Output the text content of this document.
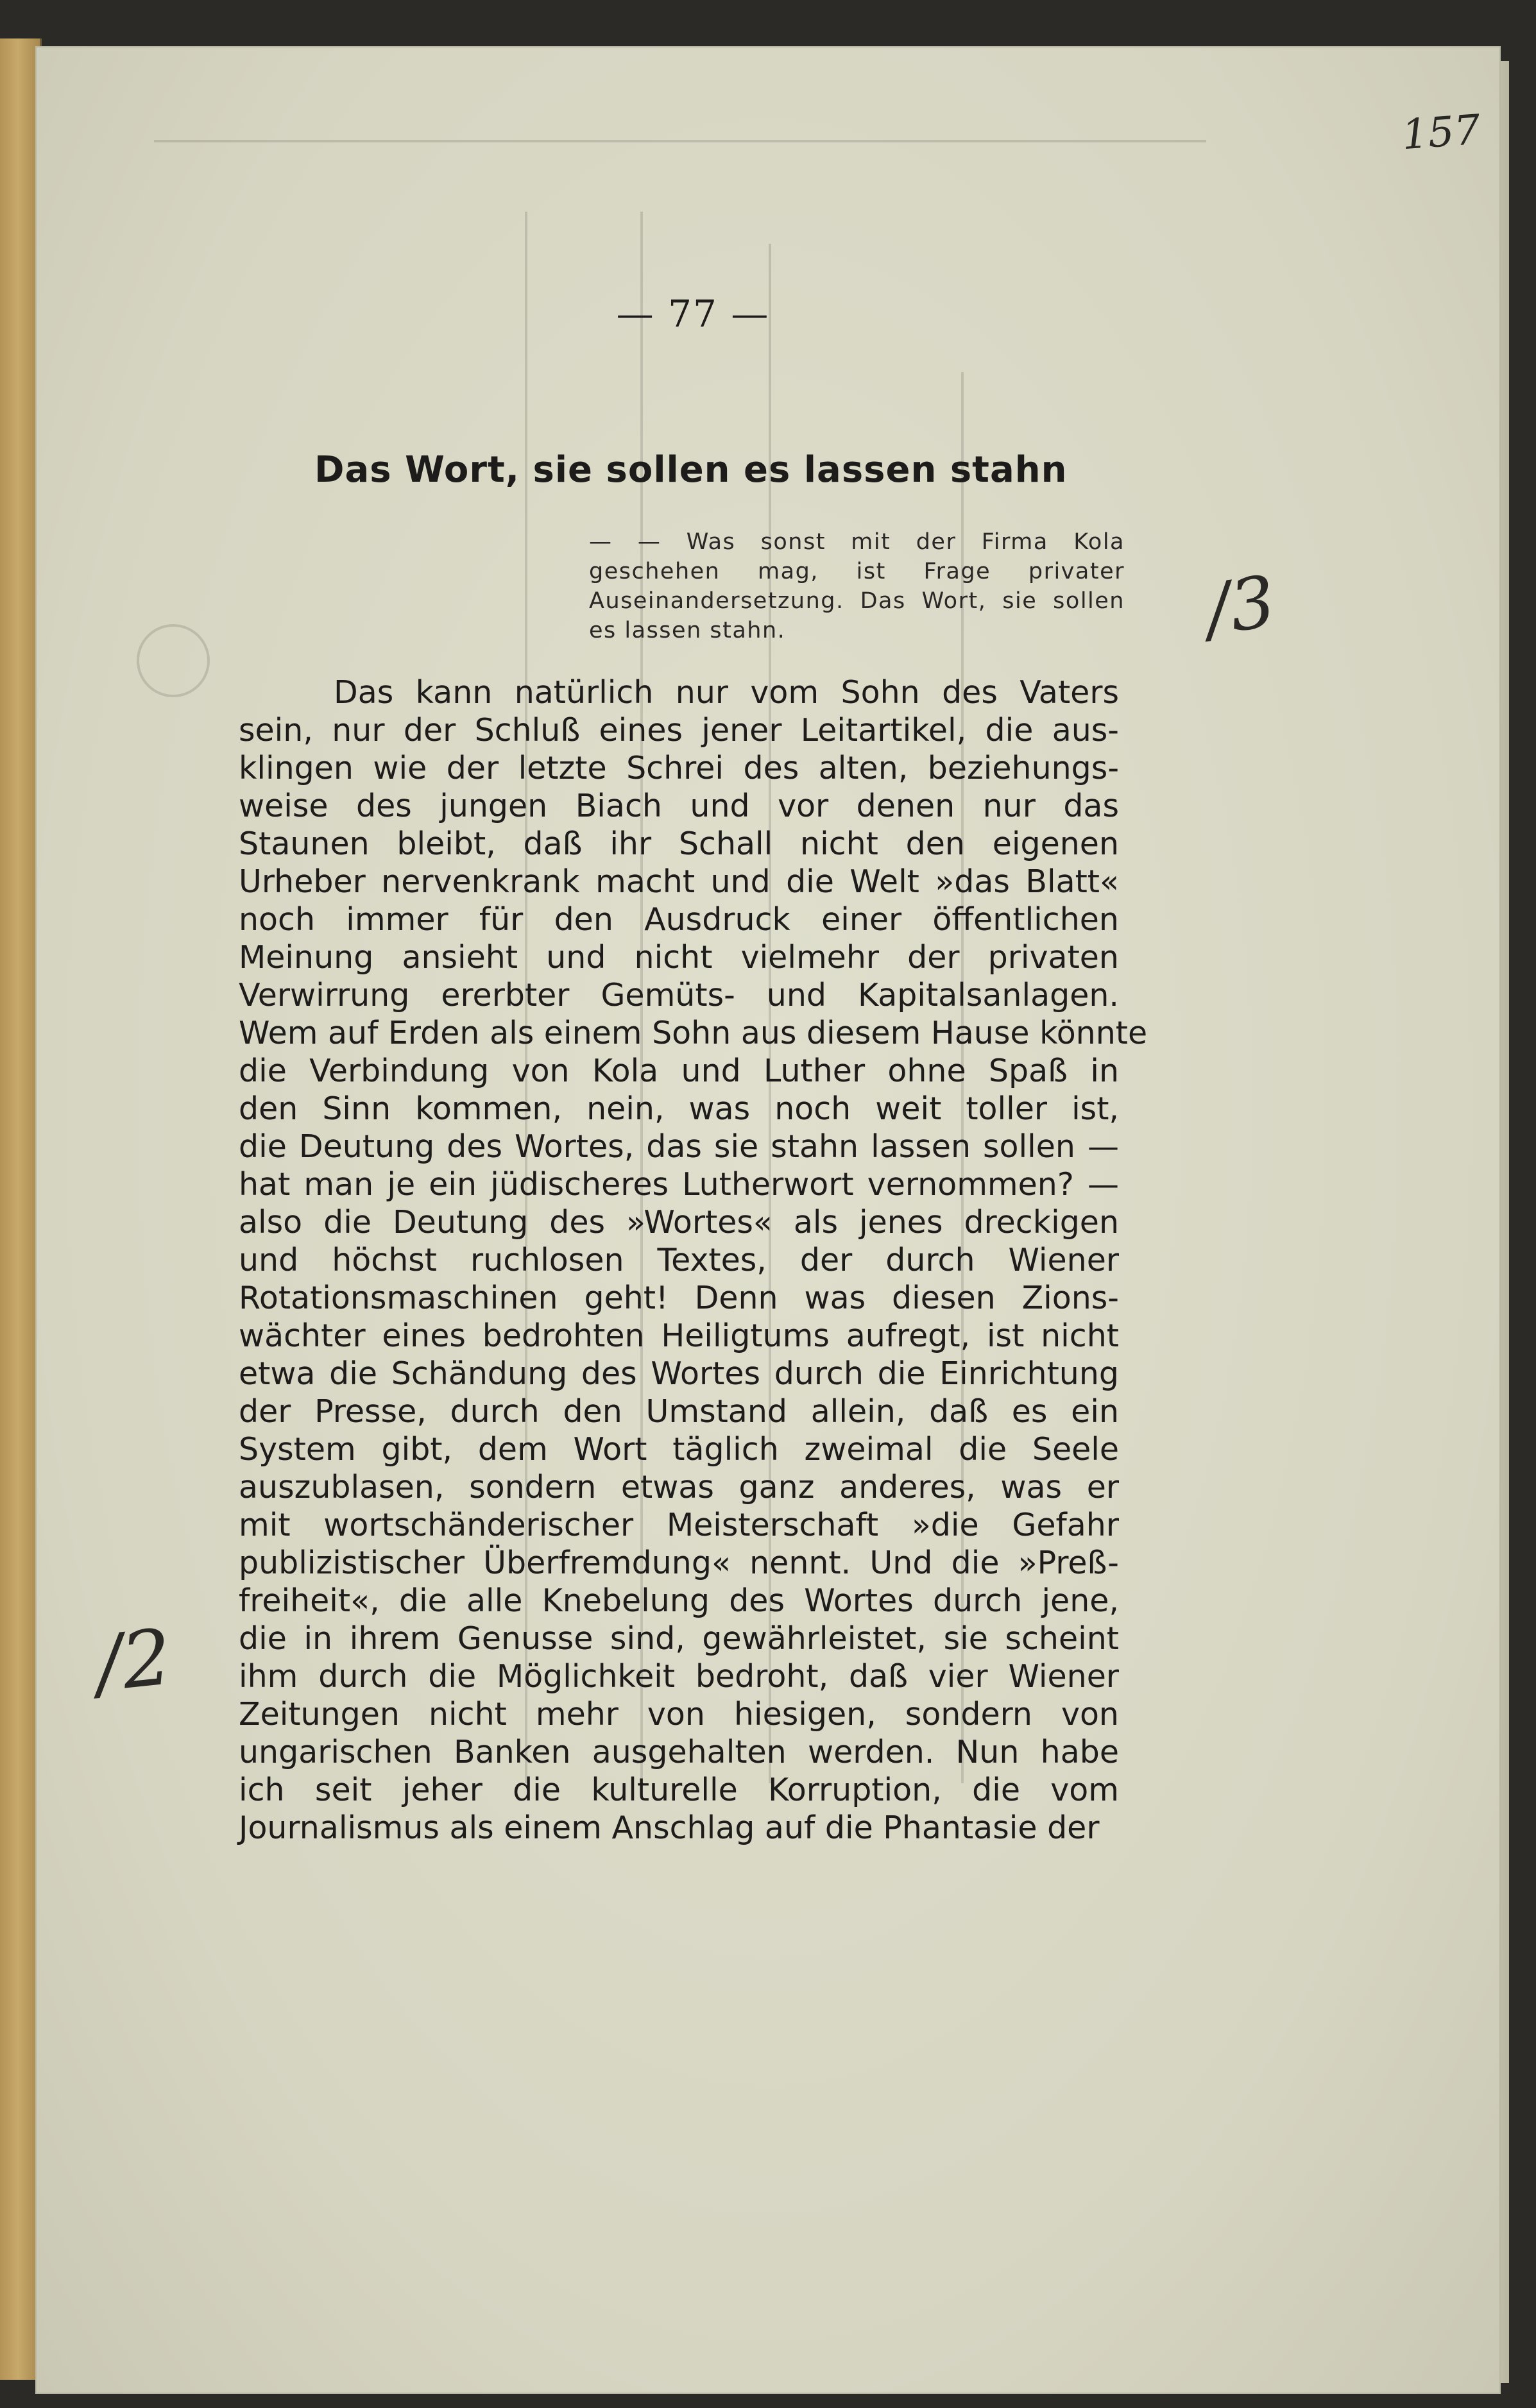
157
— 77 —
Das Wort, sie sollen es lassen stahn
— — Was sonst mit der Firma Kola geschehen mag, ist Frage privater Auseinandersetzung. Das Wort, sie sollen es lassen stahn.
Das kann natürlich nur vom Sohn des Vaters
sein, nur der Schluß eines jener Leitartikel, die aus-
klingen wie der letzte Schrei des alten, beziehungs-
weise des jungen Biach und vor denen nur das
Staunen bleibt, daß ihr Schall nicht den eigenen
Urheber nervenkrank macht und die Welt »das Blatt«
noch immer für den Ausdruck einer öffentlichen
Meinung ansieht und nicht vielmehr der privaten
Verwirrung ererbter Gemüts- und Kapitalsanlagen.
Wem auf Erden als einem Sohn aus diesem Hause könnte
die Verbindung von Kola und Luther ohne Spaß in
den Sinn kommen, nein, was noch weit toller ist,
die Deutung des Wortes, das sie stahn lassen sollen —
hat man je ein jüdischeres Lutherwort vernommen? —
also die Deutung des »Wortes« als jenes dreckigen
und höchst ruchlosen Textes, der durch Wiener
Rotationsmaschinen geht! Denn was diesen Zions-
wächter eines bedrohten Heiligtums aufregt, ist nicht
etwa die Schändung des Wortes durch die Einrichtung
der Presse, durch den Umstand allein, daß es ein
System gibt, dem Wort täglich zweimal die Seele
auszublasen, sondern etwas ganz anderes, was er
mit wortschänderischer Meisterschaft »die Gefahr
publizistischer Überfremdung« nennt. Und die »Preß-
freiheit«, die alle Knebelung des Wortes durch jene,
die in ihrem Genusse sind, gewährleistet, sie scheint
ihm durch die Möglichkeit bedroht, daß vier Wiener
Zeitungen nicht mehr von hiesigen, sondern von
ungarischen Banken ausgehalten werden. Nun habe
ich seit jeher die kulturelle Korruption, die vom
Journalismus als einem Anschlag auf die Phantasie der
/3
/2
